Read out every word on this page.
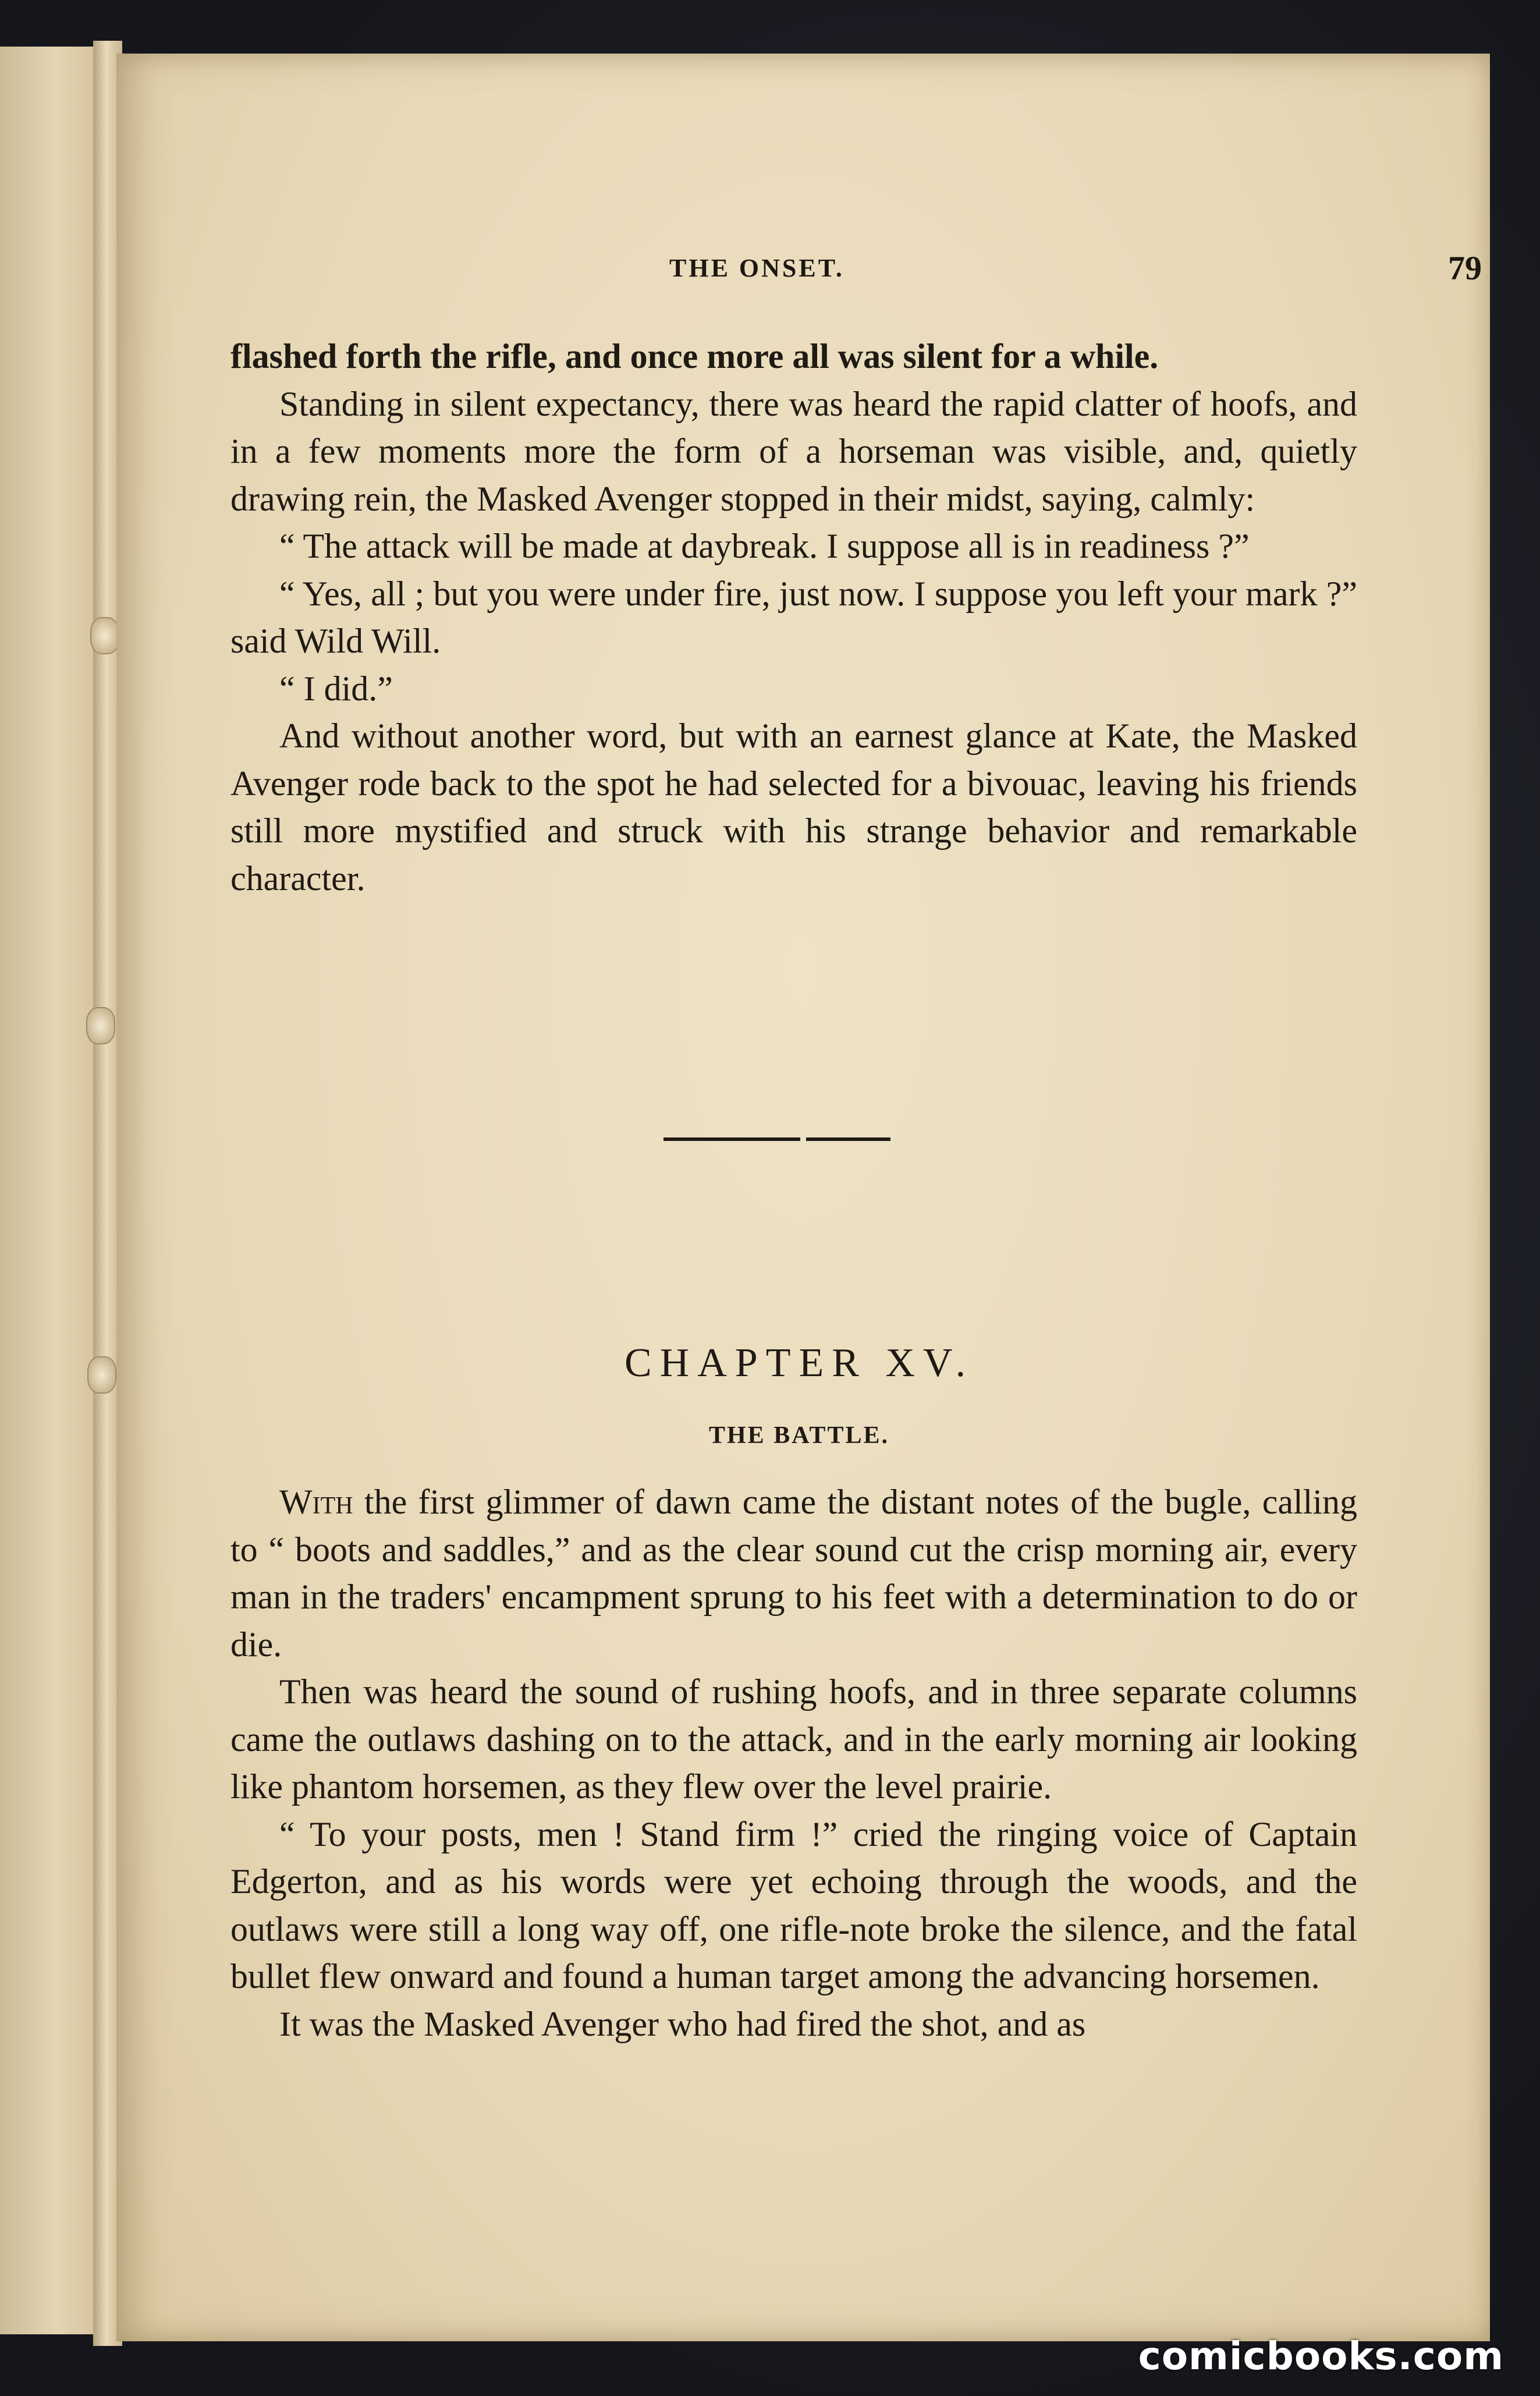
THE ONSET.	79

flashed forth the rifle, and once more all was silent for a while.

Standing in silent expectancy, there was heard the rapid clatter of hoofs, and in a few moments more the form of a horseman was visible, and, quietly drawing rein, the Masked Avenger stopped in their midst, saying, calmly:

“ The attack will be made at daybreak. I suppose all is in readiness ?”

“ Yes, all ; but you were under fire, just now. I suppose you left your mark ?” said Wild Will.

“ I did.”

And without another word, but with an earnest glance at Kate, the Masked Avenger rode back to the spot he had selected for a bivouac, leaving his friends still more mystified and struck with his strange behavior and remarkable character.

CHAPTER XV.
THE BATTLE.

With the first glimmer of dawn came the distant notes of the bugle, calling to “ boots and saddles,” and as the clear sound cut the crisp morning air, every man in the traders' encampment sprung to his feet with a determination to do or die.

Then was heard the sound of rushing hoofs, and in three separate columns came the outlaws dashing on to the attack, and in the early morning air looking like phantom horsemen, as they flew over the level prairie.

“ To your posts, men ! Stand firm !” cried the ringing voice of Captain Edgerton, and as his words were yet echoing through the woods, and the outlaws were still a long way off, one rifle-note broke the silence, and the fatal bullet flew onward and found a human target among the advancing horsemen.

It was the Masked Avenger who had fired the shot, and as

comicbooks.com
